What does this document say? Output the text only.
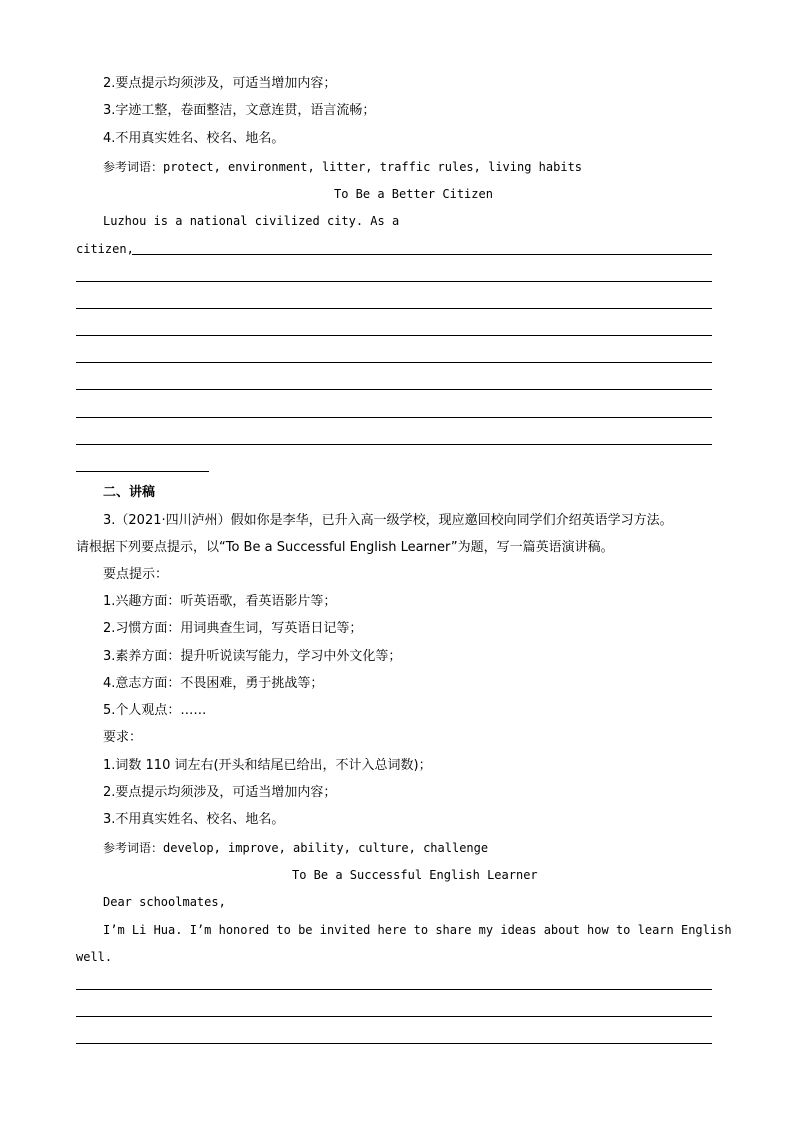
2.要点提示均须涉及，可适当增加内容；
3.字迹工整，卷面整洁，文意连贯，语言流畅；
4.不用真实姓名、校名、地名。
参考词语：protect, environment, litter, traffic rules, living habits
To Be a Better Citizen
Luzhou is a national civilized city. As a
citizen,
二、讲稿
3.（2021·四川泸州）假如你是李华，已升入高一级学校，现应邀回校向同学们介绍英语学习方法。
请根据下列要点提示，以“To Be a Successful English Learner”为题，写一篇英语演讲稿。
要点提示：
1.兴趣方面：听英语歌，看英语影片等；
2.习惯方面：用词典查生词，写英语日记等；
3.素养方面：提升听说读写能力，学习中外文化等；
4.意志方面：不畏困难，勇于挑战等；
5.个人观点：……
要求：
1.词数 110 词左右(开头和结尾已给出，不计入总词数)；
2.要点提示均须涉及，可适当增加内容；
3.不用真实姓名、校名、地名。
参考词语：develop, improve, ability, culture, challenge
To Be a Successful English Learner
Dear schoolmates,
I’m Li Hua. I’m honored to be invited here to share my ideas about how to learn English
well.
